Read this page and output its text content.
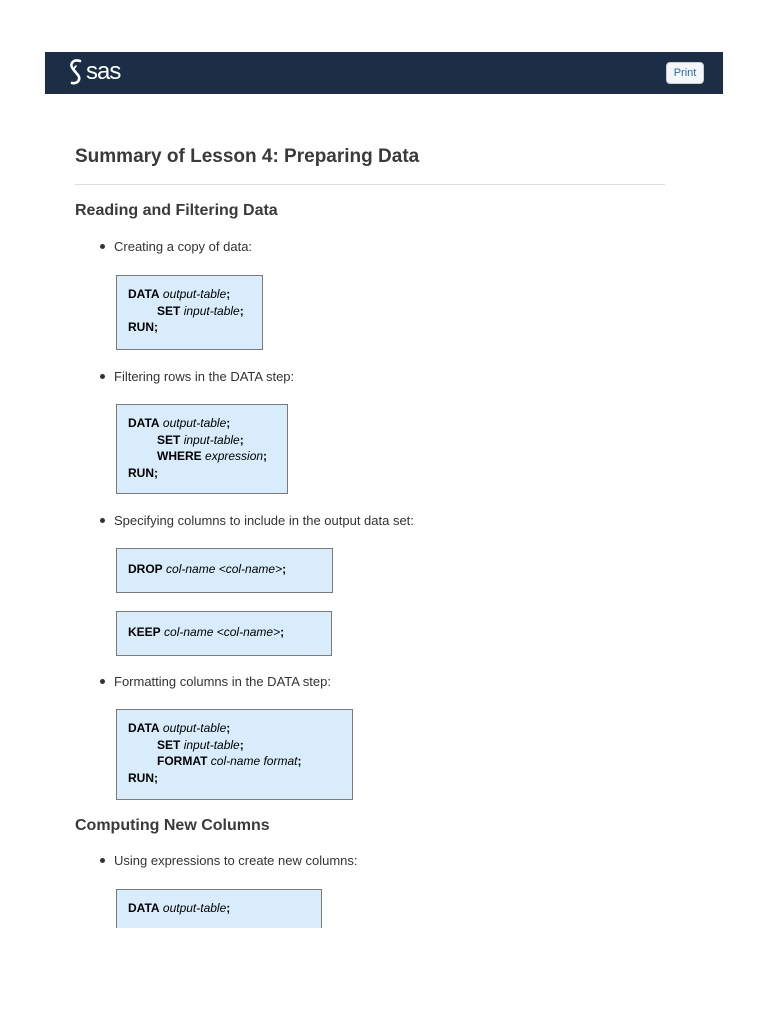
sas	Print
Summary of Lesson 4: Preparing Data
Reading and Filtering Data
Creating a copy of data:
DATA output-table;
SET input-table;
RUN;
Filtering rows in the DATA step:
DATA output-table;
SET input-table;
WHERE expression;
RUN;
Specifying columns to include in the output data set:
DROP col-name <col-name>;
KEEP col-name <col-name>;
Formatting columns in the DATA step:
DATA output-table;
SET input-table;
FORMAT col-name format;
RUN;
Computing New Columns
Using expressions to create new columns:
DATA output-table;
